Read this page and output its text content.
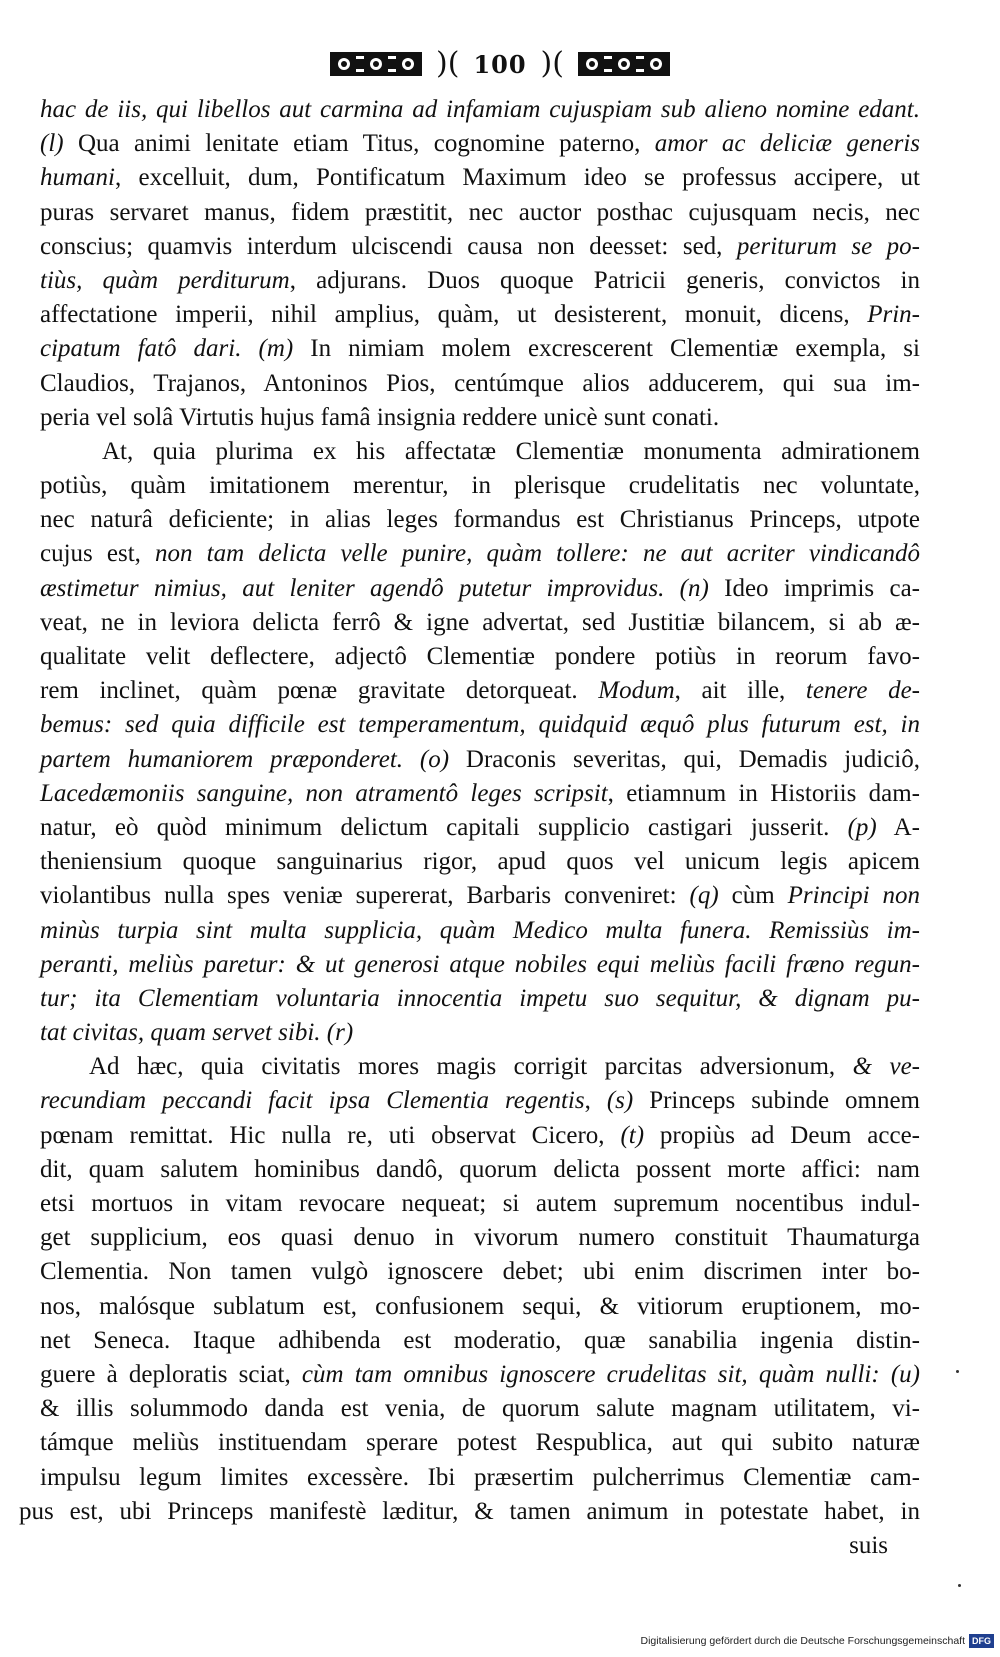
)( 100 )(
hac de iis, qui libellos aut carmina ad infamiam cujuspiam sub alieno nomine edant.
(l) Qua animi lenitate etiam Titus, cognomine paterno, amor ac deliciæ generis
humani, excelluit, dum, Pontificatum Maximum ideo se professus accipere, ut
puras servaret manus, fidem præstitit, nec auctor posthac cujusquam necis, nec
conscius; quamvis interdum ulciscendi causa non deesset: sed, periturum se po-
tiùs, quàm perditurum, adjurans. Duos quoque Patricii generis, convictos in
affectatione imperii, nihil amplius, quàm, ut desisterent, monuit, dicens, Prin-
cipatum fatô dari. (m) In nimiam molem excrescerent Clementiæ exempla, si
Claudios, Trajanos, Antoninos Pios, centúmque alios adducerem, qui sua im-
peria vel solâ Virtutis hujus famâ insignia reddere unicè sunt conati.
At, quia plurima ex his affectatæ Clementiæ monumenta admirationem
potiùs, quàm imitationem merentur, in plerisque crudelitatis nec voluntate,
nec naturâ deficiente; in alias leges formandus est Christianus Princeps, utpote
cujus est, non tam delicta velle punire, quàm tollere: ne aut acriter vindicandô
æstimetur nimius, aut leniter agendô putetur improvidus. (n) Ideo imprimis ca-
veat, ne in leviora delicta ferrô & igne advertat, sed Justitiæ bilancem, si ab æ-
qualitate velit deflectere, adjectô Clementiæ pondere potiùs in reorum favo-
rem inclinet, quàm pœnæ gravitate detorqueat. Modum, ait ille, tenere de-
bemus: sed quia difficile est temperamentum, quidquid æquô plus futurum est, in
partem humaniorem præponderet. (o) Draconis severitas, qui, Demadis judiciô,
Lacedæmoniis sanguine, non atramentô leges scripsit, etiamnum in Historiis dam-
natur, eò quòd minimum delictum capitali supplicio castigari jusserit. (p) A-
theniensium quoque sanguinarius rigor, apud quos vel unicum legis apicem
violantibus nulla spes veniæ supererat, Barbaris conveniret: (q) cùm Principi non
minùs turpia sint multa supplicia, quàm Medico multa funera. Remissiùs im-
peranti, meliùs paretur: & ut generosi atque nobiles equi meliùs facili fræno regun-
tur; ita Clementiam voluntaria innocentia impetu suo sequitur, & dignam pu-
tat civitas, quam servet sibi. (r)
Ad hæc, quia civitatis mores magis corrigit parcitas adversionum, & ve-
recundiam peccandi facit ipsa Clementia regentis, (s) Princeps subinde omnem
pœnam remittat. Hic nulla re, uti observat Cicero, (t) propiùs ad Deum acce-
dit, quam salutem hominibus dandô, quorum delicta possent morte affici: nam
etsi mortuos in vitam revocare nequeat; si autem supremum nocentibus indul-
get supplicium, eos quasi denuo in vivorum numero constituit Thaumaturga
Clementia. Non tamen vulgò ignoscere debet; ubi enim discrimen inter bo-
nos, malósque sublatum est, confusionem sequi, & vitiorum eruptionem, mo-
net Seneca. Itaque adhibenda est moderatio, quæ sanabilia ingenia distin-
guere à deploratis sciat, cùm tam omnibus ignoscere crudelitas sit, quàm nulli: (u)
& illis solummodo danda est venia, de quorum salute magnam utilitatem, vi-
támque meliùs instituendam sperare potest Respublica, aut qui subito naturæ
impulsu legum limites excessère. Ibi præsertim pulcherrimus Clementiæ cam-
pus est, ubi Princeps manifestè læditur, & tamen animum in potestate habet, in
suis
Digitalisierung gefördert durch die Deutsche Forschungsgemeinschaft DFG
